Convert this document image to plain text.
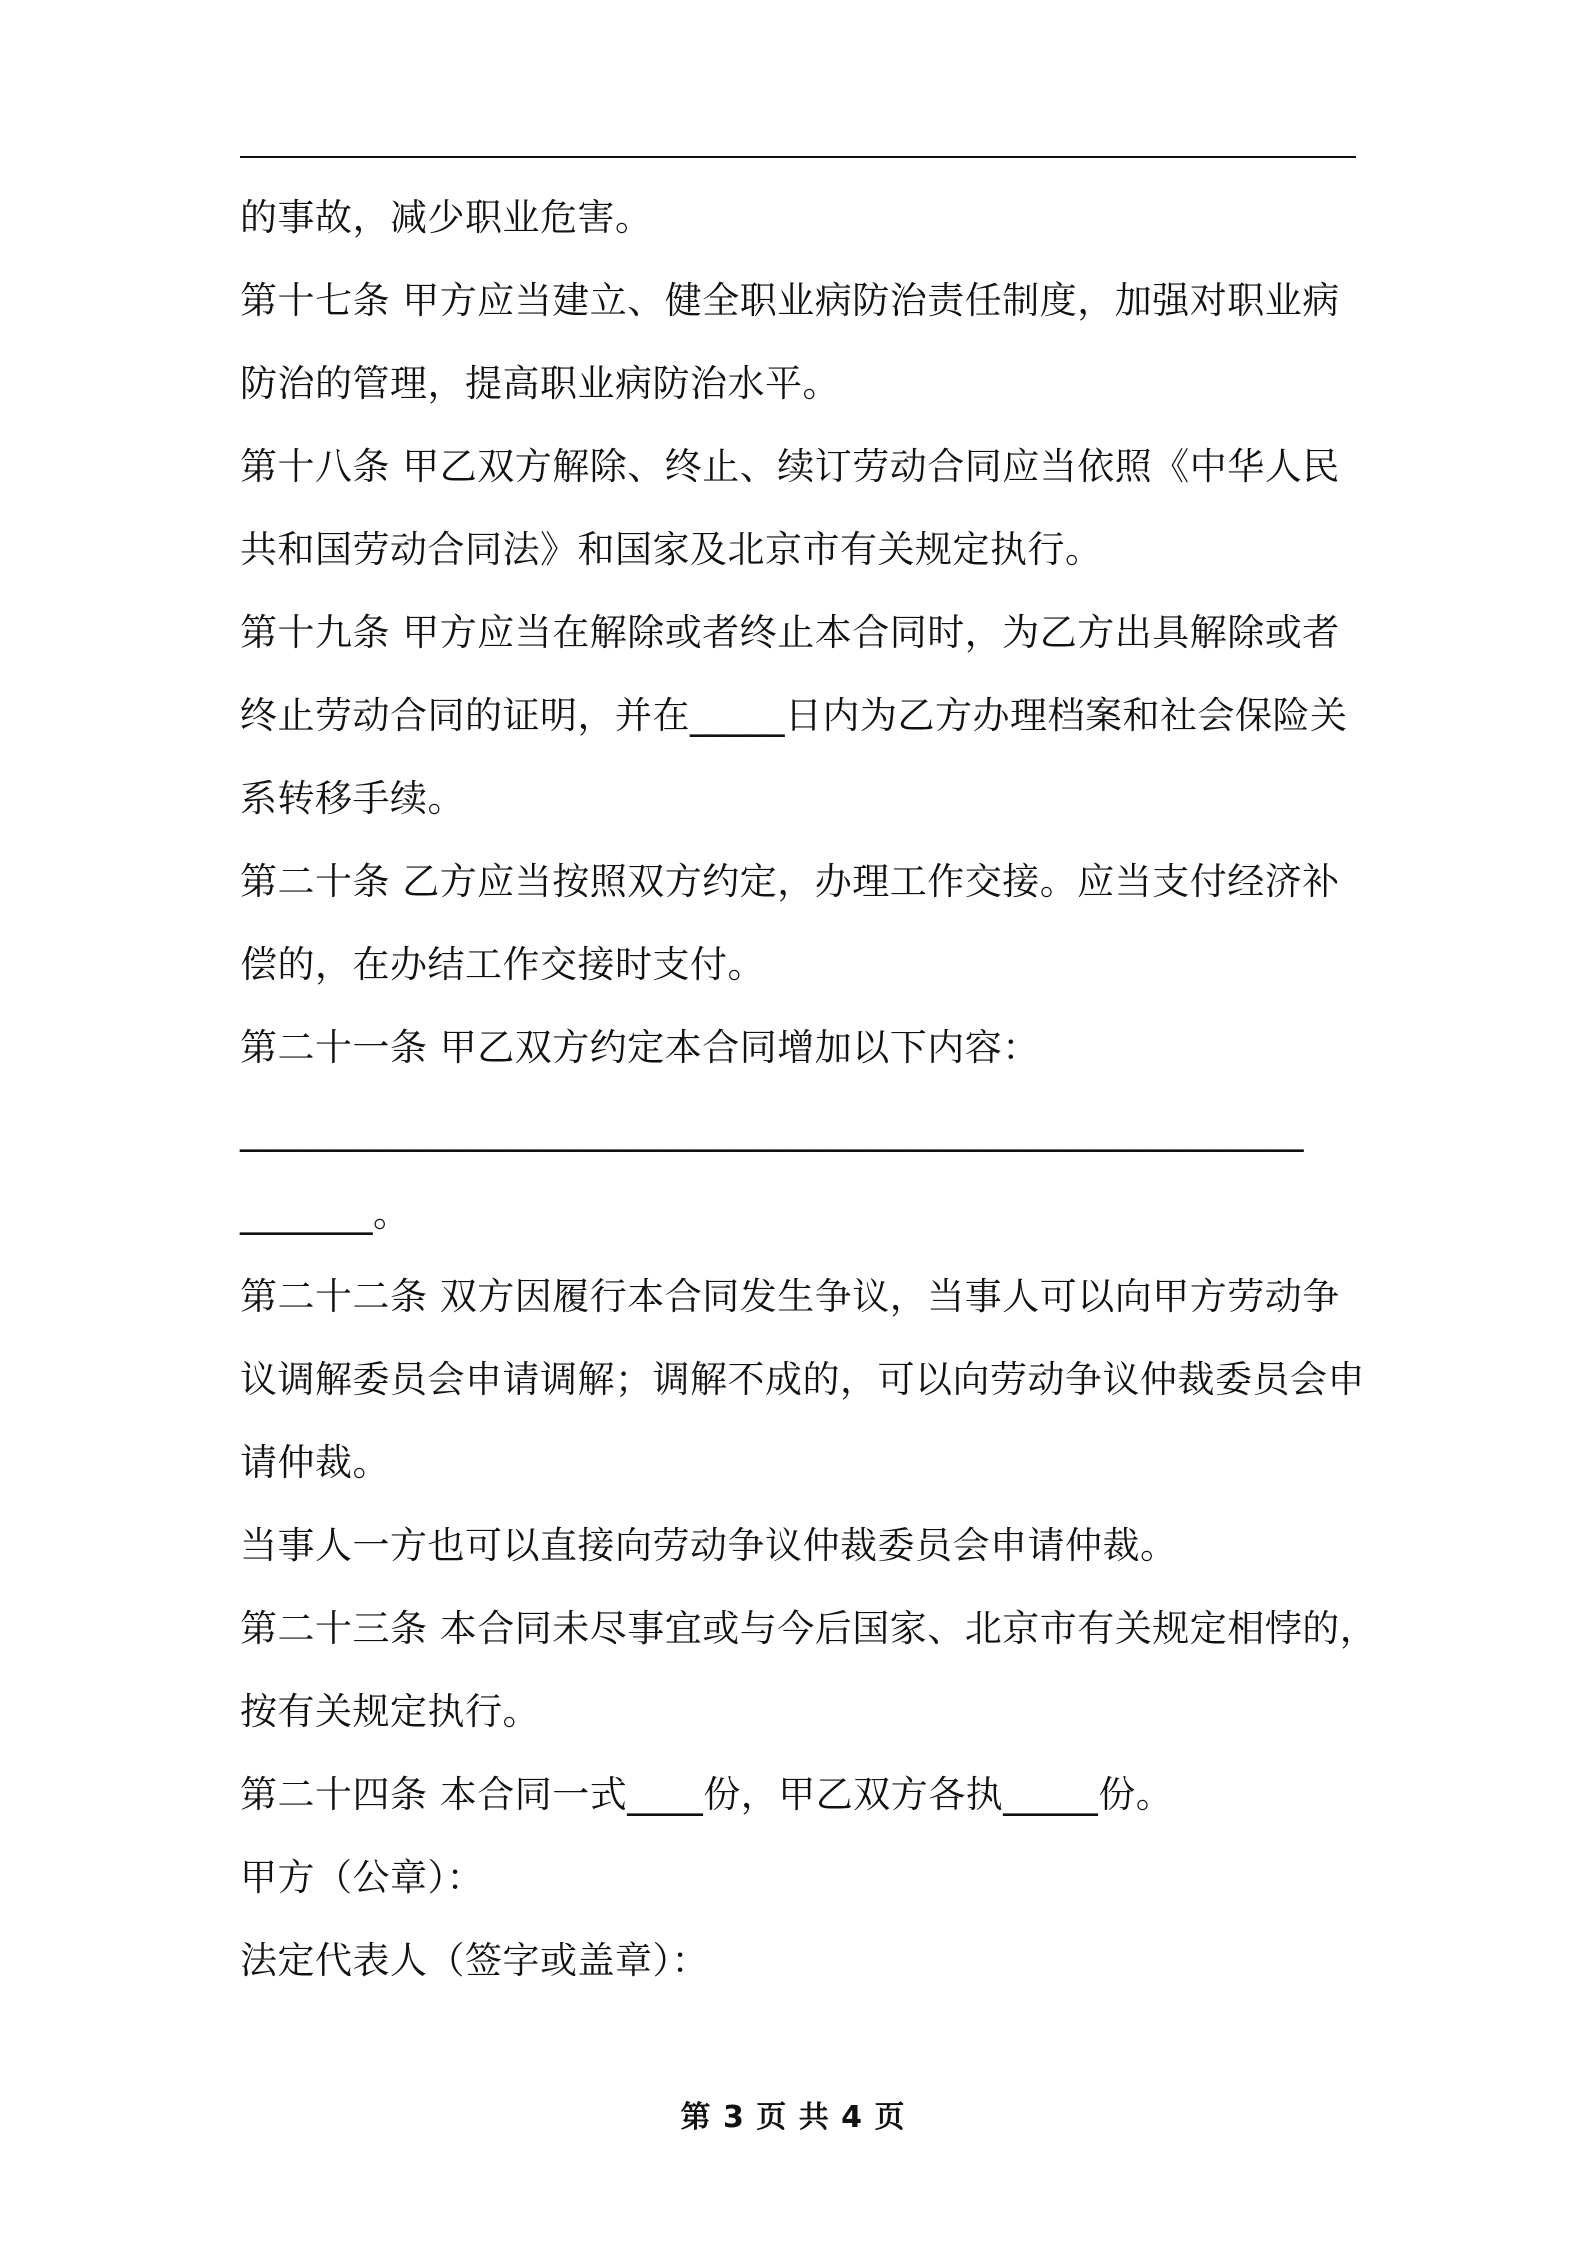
的事故，减少职业危害。
第十七条 甲方应当建立、健全职业病防治责任制度，加强对职业病
防治的管理，提高职业病防治水平。
第十八条 甲乙双方解除、终止、续订劳动合同应当依照《中华人民
共和国劳动合同法》和国家及北京市有关规定执行。
第十九条 甲方应当在解除或者终止本合同时，为乙方出具解除或者
终止劳动合同的证明，并在_____日内为乙方办理档案和社会保险关
系转移手续。
第二十条 乙方应当按照双方约定，办理工作交接。应当支付经济补
偿的，在办结工作交接时支付。
第二十一条 甲乙双方约定本合同增加以下内容：
________________________________________________________
_______。
第二十二条 双方因履行本合同发生争议，当事人可以向甲方劳动争
议调解委员会申请调解；调解不成的，可以向劳动争议仲裁委员会申
请仲裁。
当事人一方也可以直接向劳动争议仲裁委员会申请仲裁。
第二十三条 本合同未尽事宜或与今后国家、北京市有关规定相悖的，
按有关规定执行。
第二十四条 本合同一式____份，甲乙双方各执_____份。
甲方（公章）：
法定代表人（签字或盖章）：
第 3 页 共 4 页
